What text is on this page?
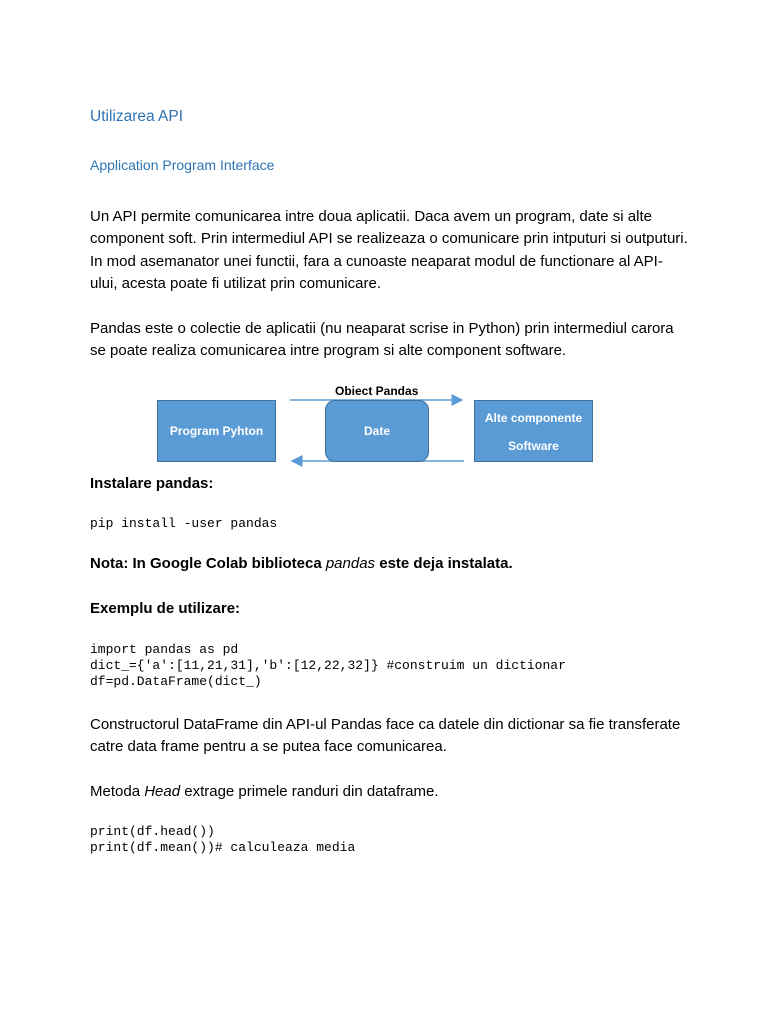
Utilizarea API
Application Program Interface

Un API permite comunicarea intre doua aplicatii. Daca avem un program, date si alte component soft. Prin intermediul API se realizeaza o comunicare prin intputuri si outputuri. In mod asemanator unei functii, fara a cunoaste neaparat modul de functionare al API-ului, acesta poate fi utilizat prin comunicare.

Pandas este o colectie de aplicatii (nu neaparat scrise in Python) prin intermediul carora se poate realiza comunicarea intre program si alte component software.

Obiect Pandas
Program Pyhton	Date
Alte componente
Software
Instalare pandas:
pip install -user pandas
Nota: In Google Colab biblioteca pandas este deja instalata.
Exemplu de utilizare:
import pandas as pd
dict_={'a':[11,21,31],'b':[12,22,32]} #construim un dictionar
df=pd.DataFrame(dict_)

Constructorul DataFrame din API-ul Pandas face ca datele din dictionar sa fie transferate catre data frame pentru a se putea face comunicarea.

Metoda Head extrage primele randuri din dataframe.
print(df.head())
print(df.mean())# calculeaza media
